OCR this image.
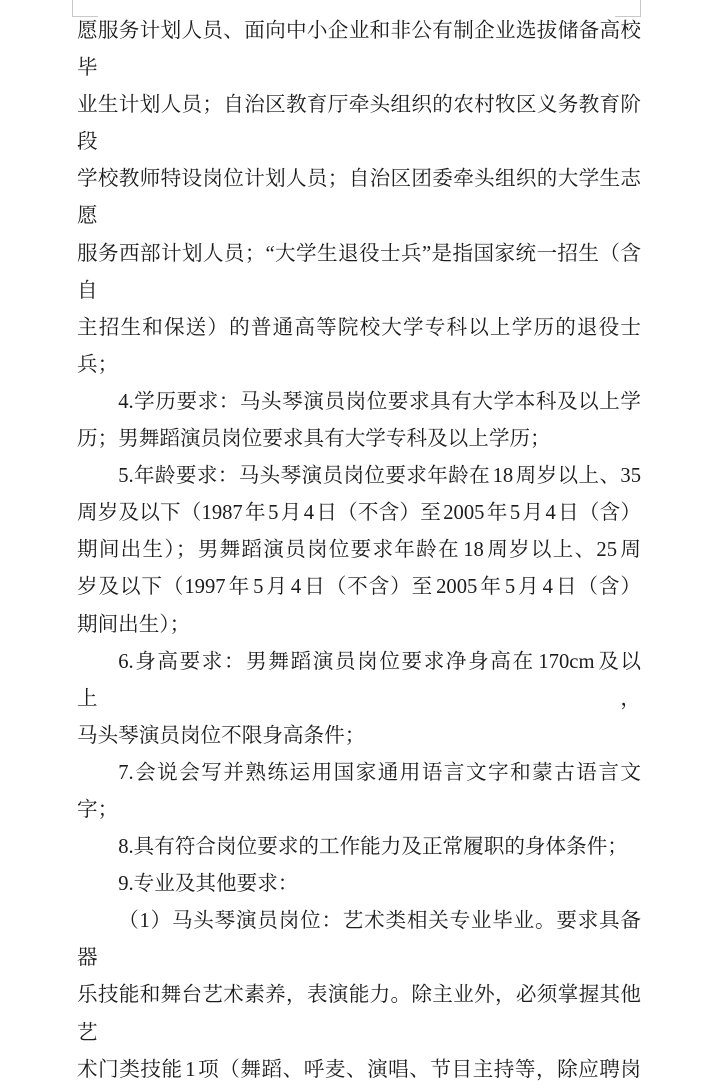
愿服务计划人员、面向中小企业和非公有制企业选拔储备高校毕
业生计划人员；自治区教育厅牵头组织的农村牧区义务教育阶段
学校教师特设岗位计划人员；自治区团委牵头组织的大学生志愿
服务西部计划人员；“大学生退役士兵”是指国家统一招生（含自
主招生和保送）的普通高等院校大学专科以上学历的退役士兵；
4.学历要求：马头琴演员岗位要求具有大学本科及以上学
历；男舞蹈演员岗位要求具有大学专科及以上学历；
5.年龄要求：马头琴演员岗位要求年龄在 18 周岁以上、35
周岁及以下（1987 年 5 月 4 日（不含）至 2005 年 5 月 4 日（含）
期间出生）；男舞蹈演员岗位要求年龄在 18 周岁以上、25 周
岁及以下（1997 年 5 月 4 日（不含）至 2005 年 5 月 4 日（含）
期间出生）；
6.身高要求：男舞蹈演员岗位要求净身高在 170cm 及以上，
马头琴演员岗位不限身高条件；
7.会说会写并熟练运用国家通用语言文字和蒙古语言文字；
8.具有符合岗位要求的工作能力及正常履职的身体条件；
9.专业及其他要求：
（1）马头琴演员岗位：艺术类相关专业毕业。要求具备器
乐技能和舞台艺术素养，表演能力。除主业外，必须掌握其他艺
术门类技能 1 项（舞蹈、呼麦、演唱、节目主持等，除应聘岗
